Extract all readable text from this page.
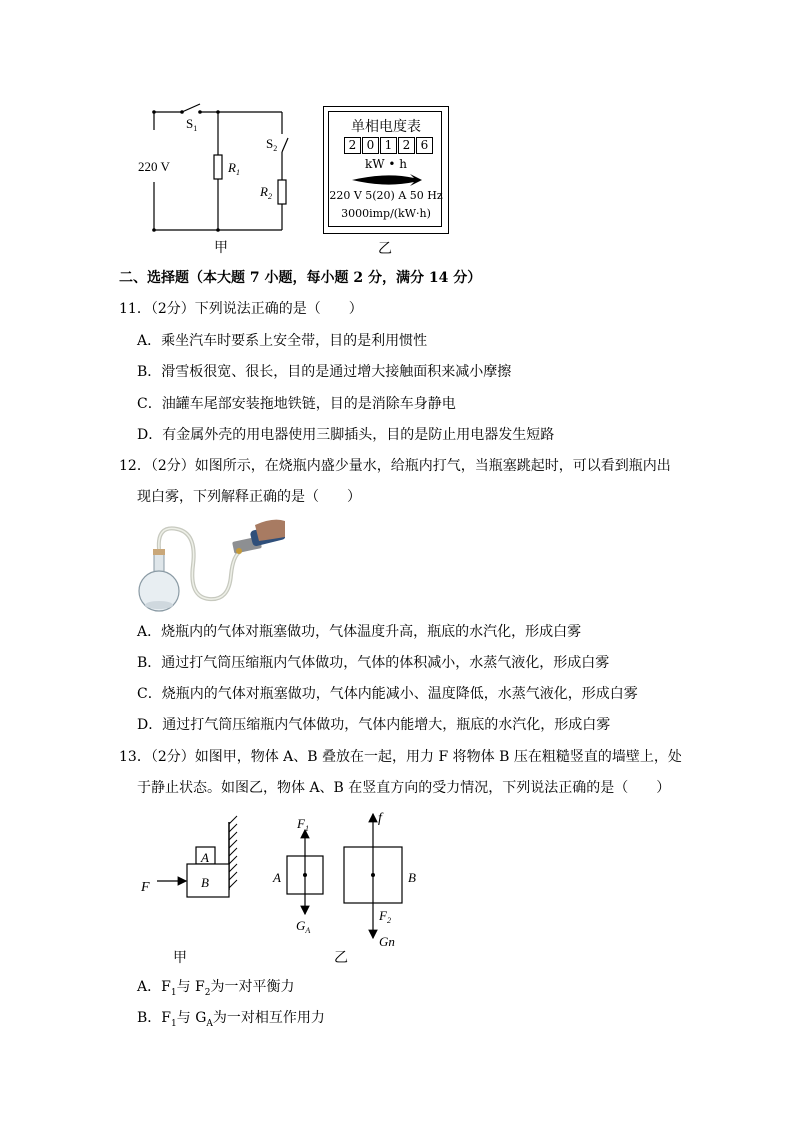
220 V
$S_1$
$S_2$
$R_1$
$R_2$
甲
单相电度表
2 0 1 2 6
kW • h
220 V 5(20) A 50 Hz
3000imp/(kW·h)
乙
二、选择题（本大题 7 小题，每小题 2 分，满分 14 分）
11．（2分）下列说法正确的是（　　）
A．乘坐汽车时要系上安全带，目的是利用惯性
B．滑雪板很宽、很长，目的是通过增大接触面积来减小摩擦
C．油罐车尾部安装拖地铁链，目的是消除车身静电
D．有金属外壳的用电器使用三脚插头，目的是防止用电器发生短路
12．（2分）如图所示，在烧瓶内盛少量水，给瓶内打气，当瓶塞跳起时，可以看到瓶内出
现白雾，下列解释正确的是（　　）
A．烧瓶内的气体对瓶塞做功，气体温度升高，瓶底的水汽化，形成白雾
B．通过打气筒压缩瓶内气体做功，气体的体积减小，水蒸气液化，形成白雾
C．烧瓶内的气体对瓶塞做功，气体内能减小、温度降低，水蒸气液化，形成白雾
D．通过打气筒压缩瓶内气体做功，气体内能增大，瓶底的水汽化，形成白雾
13．（2分）如图甲，物体 A、B 叠放在一起，用力 F 将物体 B 压在粗糙竖直的墙壁上，处
于静止状态。如图乙，物体 A、B 在竖直方向的受力情况，下列说法正确的是（　　）
F
A
B
甲
$F_1$
$G_A$
A
f
$F_2$
Gn
B
乙
A．$F_1$与 $F_2$为一对平衡力
B．$F_1$与 $G_A$为一对相互作用力
